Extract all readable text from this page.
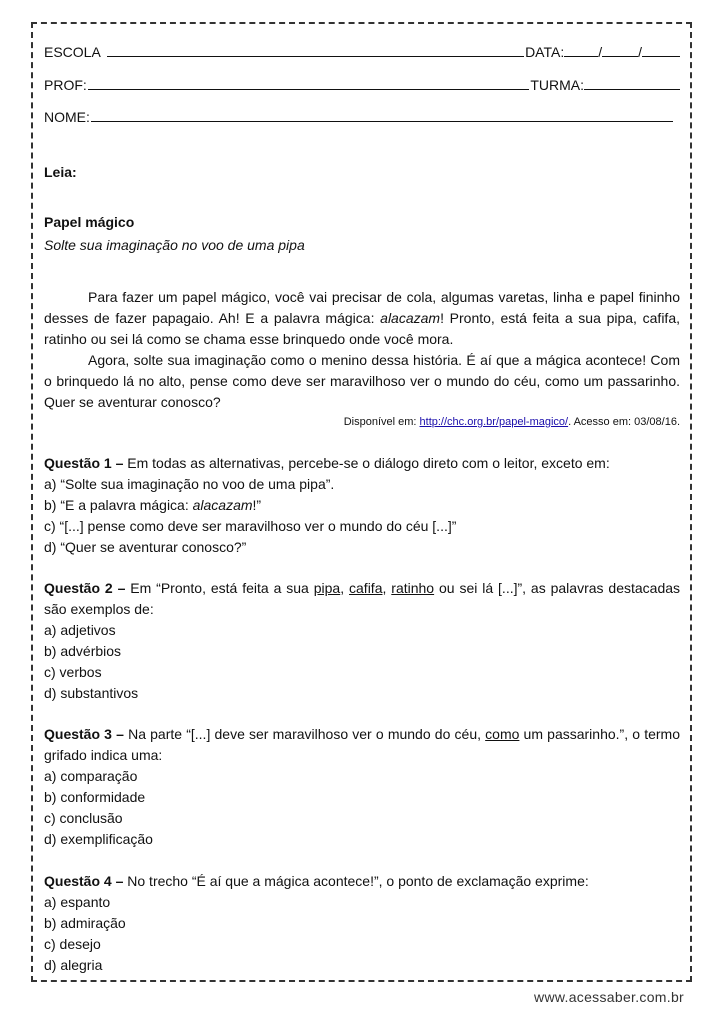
ESCOLA	DATA: /	/
PROF:	TURMA:
NOME:
Leia:
Papel mágico
Solte sua imaginação no voo de uma pipa
Para fazer um papel mágico, você vai precisar de cola, algumas varetas, linha e papel fininho desses de fazer papagaio. Ah! E a palavra mágica: alacazam! Pronto, está feita a sua pipa, cafifa, ratinho ou sei lá como se chama esse brinquedo onde você mora.
Agora, solte sua imaginação como o menino dessa história. É aí que a mágica acontece! Com o brinquedo lá no alto, pense como deve ser maravilhoso ver o mundo do céu, como um passarinho. Quer se aventurar conosco?
Disponível em: http://chc.org.br/papel-magico/. Acesso em: 03/08/16.
Questão 1 – Em todas as alternativas, percebe-se o diálogo direto com o leitor, exceto em:
a) “Solte sua imaginação no voo de uma pipa”.
b) “E a palavra mágica: alacazam!”
c) “[...] pense como deve ser maravilhoso ver o mundo do céu [...]”
d) “Quer se aventurar conosco?”
Questão 2 – Em “Pronto, está feita a sua pipa, cafifa, ratinho ou sei lá [...]”, as palavras destacadas são exemplos de:
a) adjetivos
b) advérbios
c) verbos
d) substantivos
Questão 3 – Na parte “[...] deve ser maravilhoso ver o mundo do céu, como um passarinho.”, o termo grifado indica uma:
a) comparação
b) conformidade
c) conclusão
d) exemplificação
Questão 4 – No trecho “É aí que a mágica acontece!”, o ponto de exclamação exprime:
a) espanto
b) admiração
c) desejo
d) alegria
www.acessaber.com.br
